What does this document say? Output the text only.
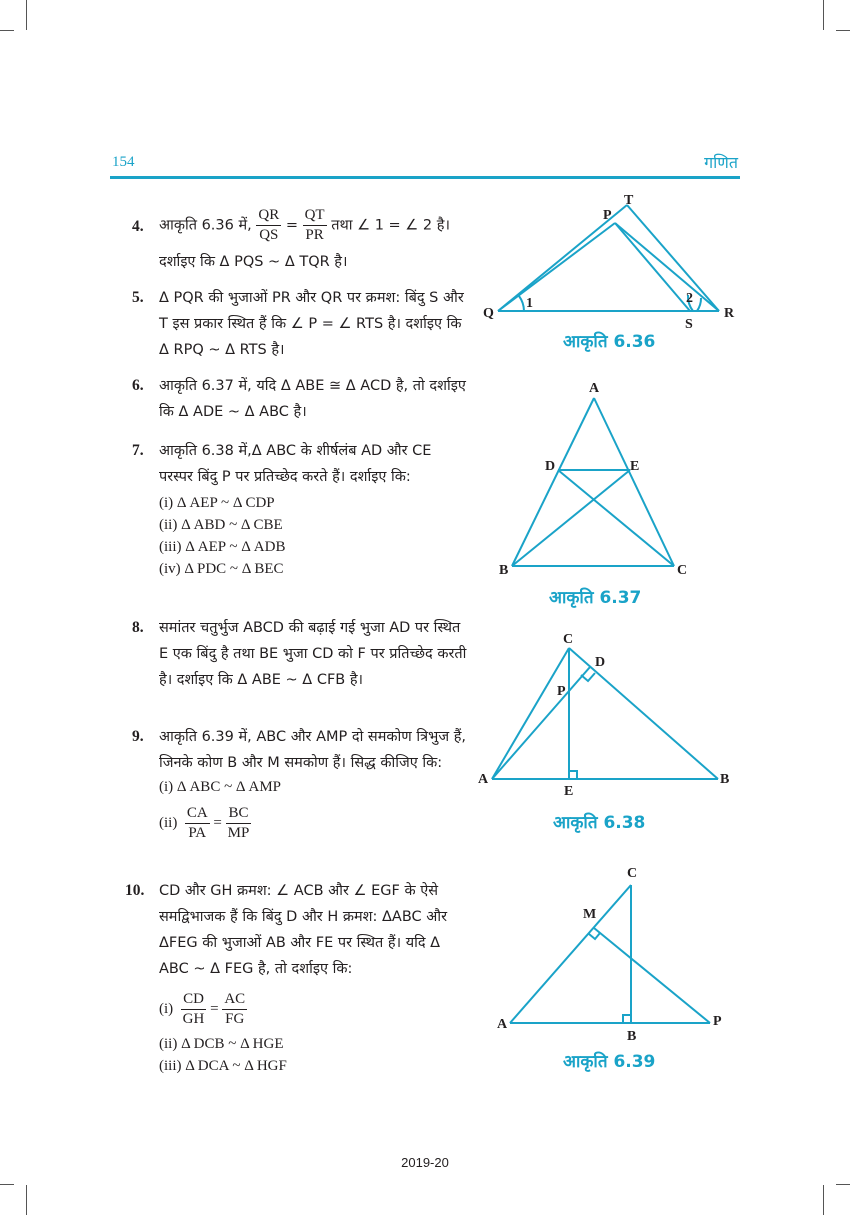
154	गणित
4. आकृति 6.36 में, $\frac{QR}{QS} = \frac{QT}{PR}$ तथा ∠ 1 = ∠ 2 है।
दर्शाइए कि Δ PQS ~ Δ TQR है।
5. Δ PQR की भुजाओं PR और QR पर क्रमश: बिंदु S और T इस प्रकार स्थित हैं कि ∠ P = ∠ RTS है। दर्शाइए कि Δ RPQ ~ Δ RTS है।
6. आकृति 6.37 में, यदि Δ ABE ≅ Δ ACD है, तो दर्शाइए कि Δ ADE ~ Δ ABC है।
7. आकृति 6.38 में,Δ ABC के शीर्षलंब AD और CE परस्पर बिंदु P पर प्रतिच्छेद करते हैं। दर्शाइए कि:
(i) Δ AEP ~ Δ CDP
(ii) Δ ABD ~ Δ CBE
(iii) Δ AEP ~ Δ ADB
(iv) Δ PDC ~ Δ BEC
8. समांतर चतुर्भुज ABCD की बढ़ाई गई भुजा AD पर स्थित E एक बिंदु है तथा BE भुजा CD को F पर प्रतिच्छेद करती है। दर्शाइए कि Δ ABE ~ Δ CFB है।
9. आकृति 6.39 में, ABC और AMP दो समकोण त्रिभुज हैं, जिनके कोण B और M समकोण हैं। सिद्ध कीजिए कि:
(i) Δ ABC ~ Δ AMP
$(ii) \frac{CA}{PA} = \frac{BC}{MP}$
10. CD और GH क्रमश: ∠ ACB और ∠ EGF के ऐसे समद्विभाजक हैं कि बिंदु D और H क्रमश: ΔABC और ΔFEG की भुजाओं AB और FE पर स्थित हैं। यदि Δ ABC ~ Δ FEG है, तो दर्शाइए कि:
$(i) \frac{CD}{GH} = \frac{AC}{FG}$
(ii) Δ DCB ~ Δ HGE
(iii) Δ DCA ~ Δ HGF
P
T
Q	R
S
1	2
A
D	E
B	C
C
D
P
A	B
E
C
M
A	P
B
आकृति 6.36
आकृति 6.37
आकृति 6.38
आकृति 6.39
2019-20
